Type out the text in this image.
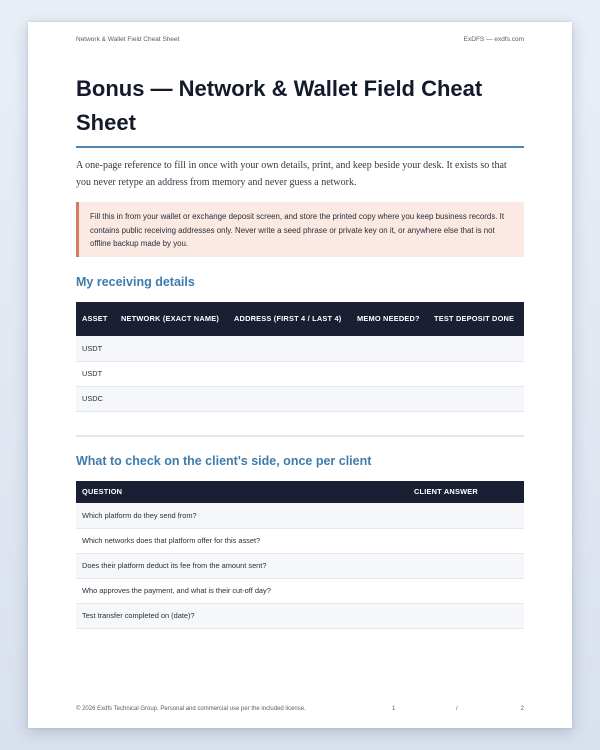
Network & Wallet Field Cheat Sheet	ExDFS — exdfs.com
Bonus — Network & Wallet Field Cheat Sheet

A one-page reference to fill in once with your own details, print, and keep beside your desk. It exists so that you never retype an address from memory and never guess a network.

Fill this in from your wallet or exchange deposit screen, and store the printed copy where you keep business records. It contains public receiving addresses only. Never write a seed phrase or private key on it, or anywhere else that is not offline backup made by you.
My receiving details
ASSET	NETWORK (EXACT NAME)	ADDRESS (FIRST 4 / LAST 4)	MEMO NEEDED?	TEST DEPOSIT DONE
USDT				
USDT				
USDC				

What to check on the client's side, once per client
QUESTION	CLIENT ANSWER
Which platform do they send from?	
Which networks does that platform offer for this asset?	
Does their platform deduct its fee from the amount sent?	
Who approves the payment, and what is their cut-off day?	
Test transfer completed on (date)?	
© 2026 Exdfs Technical Group. Personal and commercial use per the included license.	1	/	2
